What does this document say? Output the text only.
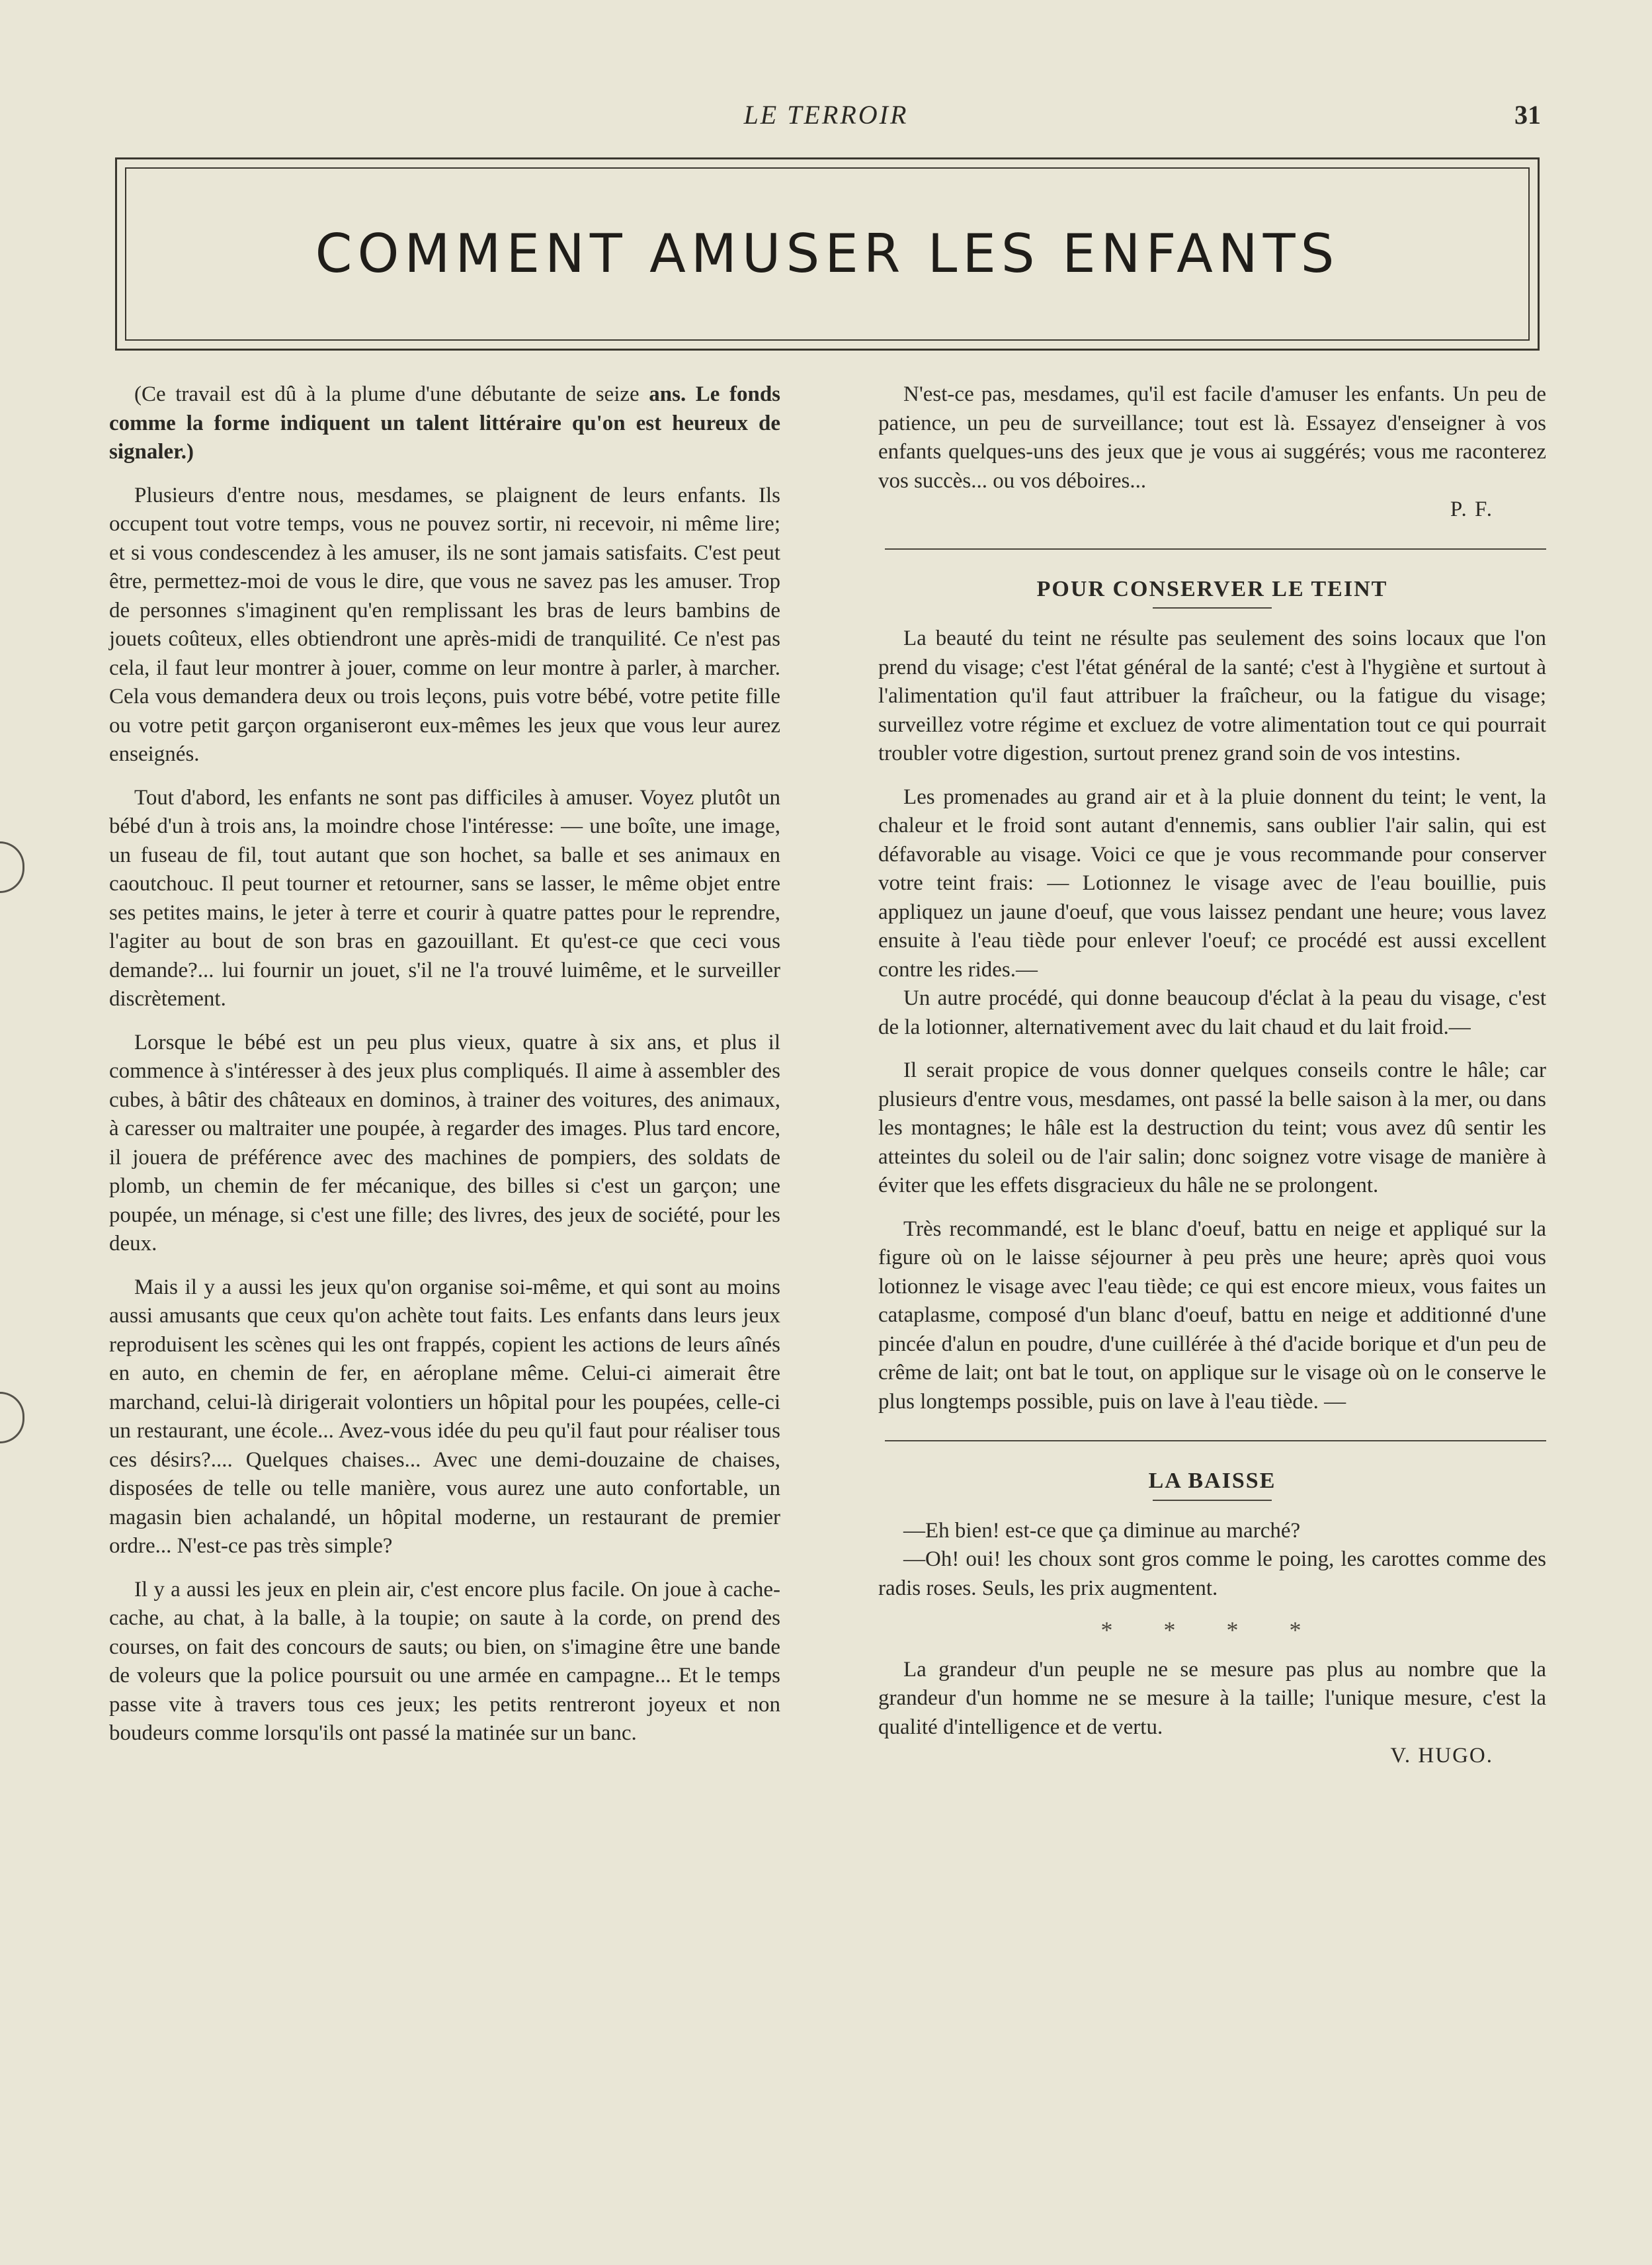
LE TERROIR	31
COMMENT AMUSER LES ENFANTS

(Ce travail est dû à la plume d'une débutante de seize ans. Le fonds comme la forme indiquent un talent littéraire qu'on est heureux de signaler.)

Plusieurs d'entre nous, mesdames, se plaignent de leurs enfants. Ils occupent tout votre temps, vous ne pouvez sortir, ni recevoir, ni même lire; et si vous condescendez à les amuser, ils ne sont jamais satisfaits. C'est peut être, permettez-moi de vous le dire, que vous ne savez pas les amuser. Trop de personnes s'imaginent qu'en remplissant les bras de leurs bambins de jouets coûteux, elles obtiendront une après-midi de tranquilité. Ce n'est pas cela, il faut leur montrer à jouer, comme on leur montre à parler, à marcher. Cela vous demandera deux ou trois leçons, puis votre bébé, votre petite fille ou votre petit garçon organiseront eux-mêmes les jeux que vous leur aurez enseignés.

Tout d'abord, les enfants ne sont pas difficiles à amuser. Voyez plutôt un bébé d'un à trois ans, la moindre chose l'intéresse: — une boîte, une image, un fuseau de fil, tout autant que son hochet, sa balle et ses animaux en caoutchouc. Il peut tourner et retourner, sans se lasser, le même objet entre ses petites mains, le jeter à terre et courir à quatre pattes pour le reprendre, l'agiter au bout de son bras en gazouillant. Et qu'est-ce que ceci vous demande?... lui fournir un jouet, s'il ne l'a trouvé luimême, et le surveiller discrètement.

Lorsque le bébé est un peu plus vieux, quatre à six ans, et plus il commence à s'intéresser à des jeux plus compliqués. Il aime à assembler des cubes, à bâtir des châteaux en dominos, à trainer des voitures, des animaux, à caresser ou maltraiter une poupée, à regarder des images. Plus tard encore, il jouera de préférence avec des machines de pompiers, des soldats de plomb, un chemin de fer mécanique, des billes si c'est un garçon; une poupée, un ménage, si c'est une fille; des livres, des jeux de société, pour les deux.

Mais il y a aussi les jeux qu'on organise soi-même, et qui sont au moins aussi amusants que ceux qu'on achète tout faits. Les enfants dans leurs jeux reproduisent les scènes qui les ont frappés, copient les actions de leurs aînés en auto, en chemin de fer, en aéroplane même. Celui-ci aimerait être marchand, celui-là dirigerait volontiers un hôpital pour les poupées, celle-ci un restaurant, une école... Avez-vous idée du peu qu'il faut pour réaliser tous ces désirs?.... Quelques chaises... Avec une demi-douzaine de chaises, disposées de telle ou telle manière, vous aurez une auto confortable, un magasin bien achalandé, un hôpital moderne, un restaurant de premier ordre... N'est-ce pas très simple?

Il y a aussi les jeux en plein air, c'est encore plus facile. On joue à cache-cache, au chat, à la balle, à la toupie; on saute à la corde, on prend des courses, on fait des concours de sauts; ou bien, on s'imagine être une bande de voleurs que la police poursuit ou une armée en campagne... Et le temps passe vite à travers tous ces jeux; les petits rentreront joyeux et non boudeurs comme lorsqu'ils ont passé la matinée sur un banc.

N'est-ce pas, mesdames, qu'il est facile d'amuser les enfants. Un peu de patience, un peu de surveillance; tout est là. Essayez d'enseigner à vos enfants quelques-uns des jeux que je vous ai suggérés; vous me raconterez vos succès... ou vos déboires...

P. F.
POUR CONSERVER LE TEINT

La beauté du teint ne résulte pas seulement des soins locaux que l'on prend du visage; c'est l'état général de la santé; c'est à l'hygiène et surtout à l'alimentation qu'il faut attribuer la fraîcheur, ou la fatigue du visage; surveillez votre régime et excluez de votre alimentation tout ce qui pourrait troubler votre digestion, surtout prenez grand soin de vos intestins.

Les promenades au grand air et à la pluie donnent du teint; le vent, la chaleur et le froid sont autant d'ennemis, sans oublier l'air salin, qui est défavorable au visage. Voici ce que je vous recommande pour conserver votre teint frais: — Lotionnez le visage avec de l'eau bouillie, puis appliquez un jaune d'oeuf, que vous laissez pendant une heure; vous lavez ensuite à l'eau tiède pour enlever l'oeuf; ce procédé est aussi excellent contre les rides.—

Un autre procédé, qui donne beaucoup d'éclat à la peau du visage, c'est de la lotionner, alternativement avec du lait chaud et du lait froid.—

Il serait propice de vous donner quelques conseils contre le hâle; car plusieurs d'entre vous, mesdames, ont passé la belle saison à la mer, ou dans les montagnes; le hâle est la destruction du teint; vous avez dû sentir les atteintes du soleil ou de l'air salin; donc soignez votre visage de manière à éviter que les effets disgracieux du hâle ne se prolongent.

Très recommandé, est le blanc d'oeuf, battu en neige et appliqué sur la figure où on le laisse séjourner à peu près une heure; après quoi vous lotionnez le visage avec l'eau tiède; ce qui est encore mieux, vous faites un cataplasme, composé d'un blanc d'oeuf, battu en neige et additionné d'une pincée d'alun en poudre, d'une cuillérée à thé d'acide borique et d'un peu de crême de lait; ont bat le tout, on applique sur le visage où on le conserve le plus longtemps possible, puis on lave à l'eau tiède. —

LA BAISSE

—Eh bien! est-ce que ça diminue au marché?

—Oh! oui! les choux sont gros comme le poing, les carottes comme des radis roses. Seuls, les prix augmentent.

* * * *

La grandeur d'un peuple ne se mesure pas plus au nombre que la grandeur d'un homme ne se mesure à la taille; l'unique mesure, c'est la qualité d'intelligence et de vertu.

V. HUGO.
